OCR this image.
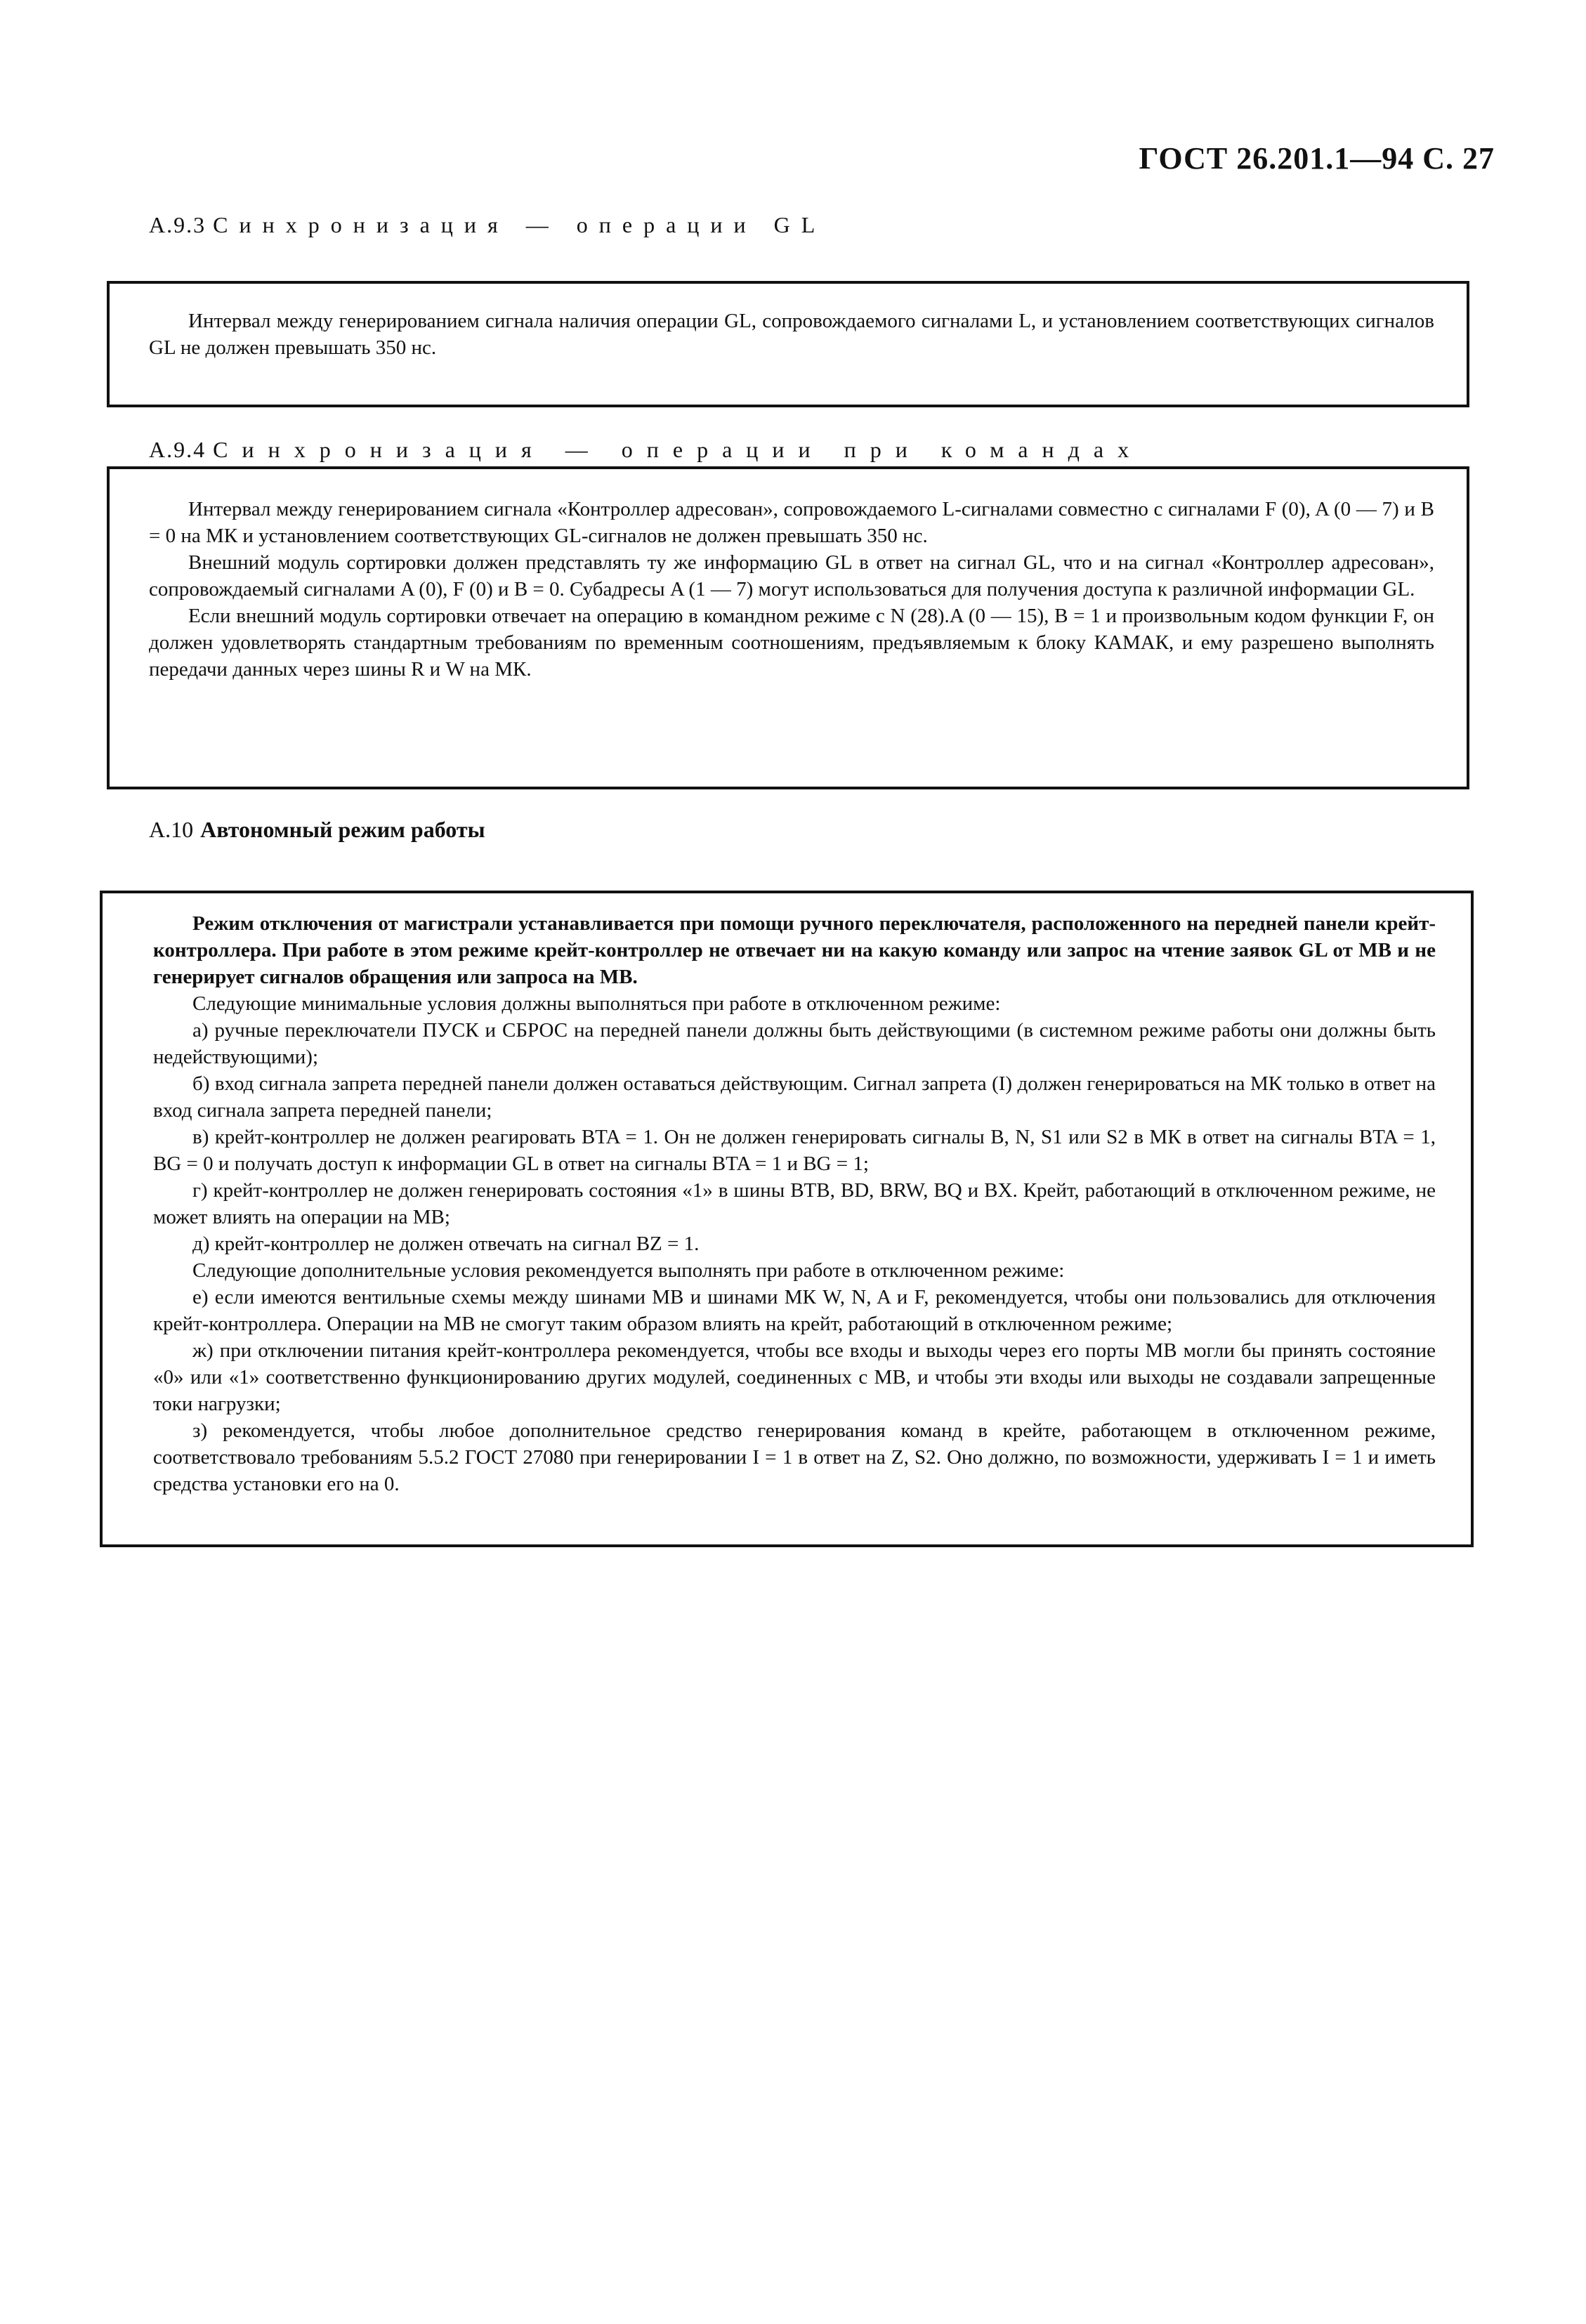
ГОСТ 26.201.1—94 С. 27
А.9.3 Синхронизация — операции GL

Интервал между генерированием сигнала наличия операции GL, сопровождаемого сигналами L, и установлением соответствующих сигналов GL не должен превышать 350 нс.

А.9.4 Синхронизация — операции при командах

Интервал между генерированием сигнала «Контроллер адресован», сопровождаемого L-сигналами совместно с сигналами F (0), A (0 — 7) и B = 0 на МК и установлением соответствующих GL-сигналов не должен превышать 350 нс.

Внешний модуль сортировки должен представлять ту же информацию GL в ответ на сигнал GL, что и на сигнал «Контроллер адресован», сопровождаемый сигналами A (0), F (0) и B = 0. Субадресы A (1 — 7) могут использоваться для получения доступа к различной информации GL.

Если внешний модуль сортировки отвечает на операцию в командном режиме с N (28).A (0 — 15), B = 1 и произвольным кодом функции F, он должен удовлетворять стандартным требованиям по временным соотношениям, предъявляемым к блоку КАМАК, и ему разрешено выполнять передачи данных через шины R и W на МК.

А.10 Автономный режим работы

Режим отключения от магистрали устанавливается при помощи ручного переключателя, расположенного на передней панели крейт-контроллера. При работе в этом режиме крейт-контроллер не отвечает ни на какую команду или запрос на чтение заявок GL от МВ и не генерирует сигналов обращения или запроса на МВ.

Следующие минимальные условия должны выполняться при работе в отключенном режиме:

а) ручные переключатели ПУСК и СБРОС на передней панели должны быть действующими (в системном режиме работы они должны быть недействующими);

б) вход сигнала запрета передней панели должен оставаться действующим. Сигнал запрета (I) должен генерироваться на МК только в ответ на вход сигнала запрета передней панели;

в) крейт-контроллер не должен реагировать BTA = 1. Он не должен генерировать сигналы B, N, S1 или S2 в МК в ответ на сигналы BTA = 1, BG = 0 и получать доступ к информации GL в ответ на сигналы BTA = 1 и BG = 1;

г) крейт-контроллер не должен генерировать состояния «1» в шины BTB, BD, BRW, BQ и BX. Крейт, работающий в отключенном режиме, не может влиять на операции на МВ;

д) крейт-контроллер не должен отвечать на сигнал BZ = 1.

Следующие дополнительные условия рекомендуется выполнять при работе в отключенном режиме:

е) если имеются вентильные схемы между шинами МВ и шинами МК W, N, A и F, рекомендуется, чтобы они пользовались для отключения крейт-контроллера. Операции на МВ не смогут таким образом влиять на крейт, работающий в отключенном режиме;

ж) при отключении питания крейт-контроллера рекомендуется, чтобы все входы и выходы через его порты МВ могли бы принять состояние «0» или «1» соответственно функционированию других модулей, соединенных с МВ, и чтобы эти входы или выходы не создавали запрещенные токи нагрузки;

з) рекомендуется, чтобы любое дополнительное средство генерирования команд в крейте, работающем в отключенном режиме, соответствовало требованиям 5.5.2 ГОСТ 27080 при генерировании I = 1 в ответ на Z, S2. Оно должно, по возможности, удерживать I = 1 и иметь средства установки его на 0.
